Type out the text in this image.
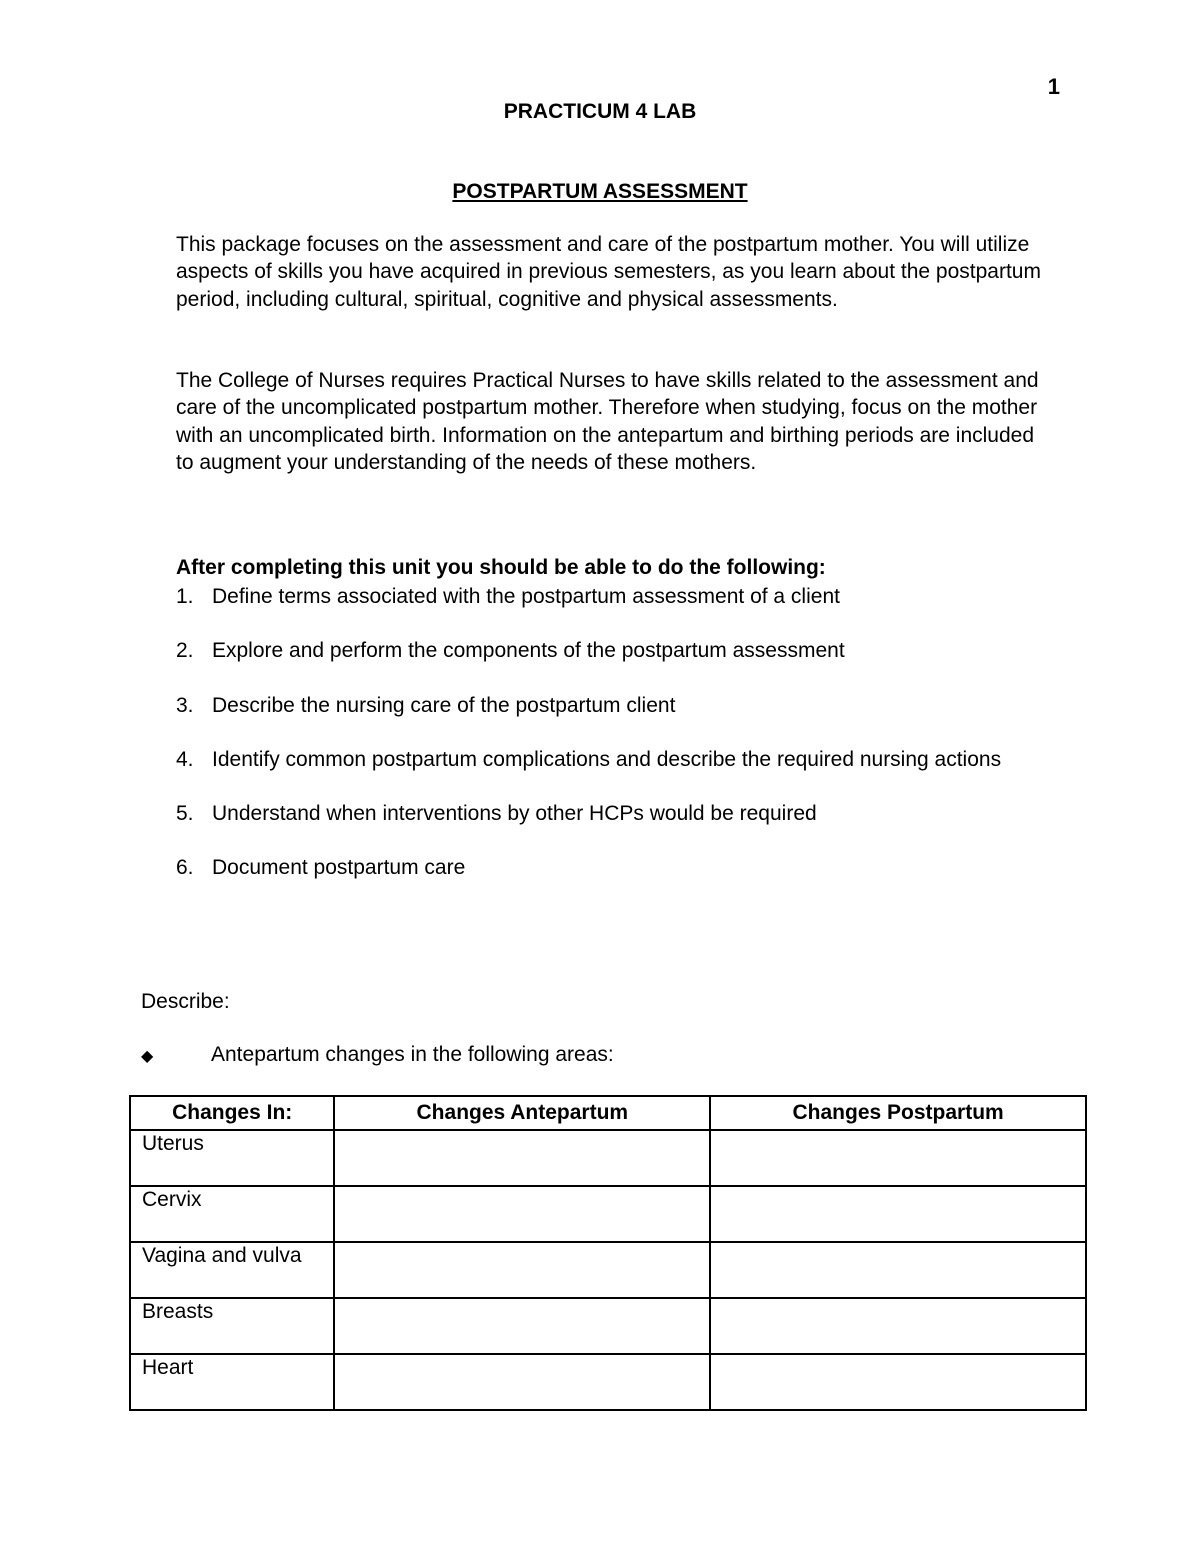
1
PRACTICUM 4 LAB
POSTPARTUM ASSESSMENT

This package focuses on the assessment and care of the postpartum mother. You will utilize aspects of skills you have acquired in previous semesters, as you learn about the postpartum period, including cultural, spiritual, cognitive and physical assessments.

The College of Nurses requires Practical Nurses to have skills related to the assessment and care of the uncomplicated postpartum mother. Therefore when studying, focus on the mother with an uncomplicated birth. Information on the antepartum and birthing periods are included to augment your understanding of the needs of these mothers.

After completing this unit you should be able to do the following:
1. Define terms associated with the postpartum assessment of a client
2. Explore and perform the components of the postpartum assessment
3. Describe the nursing care of the postpartum client
4. Identify common postpartum complications and describe the required nursing actions
5. Understand when interventions by other HCPs would be required
6. Document postpartum care
Describe:
◆	Antepartum changes in the following areas:
Changes In:	Changes Antepartum	Changes Postpartum
Uterus		
Cervix		
Vagina and vulva		
Breasts		
Heart		
